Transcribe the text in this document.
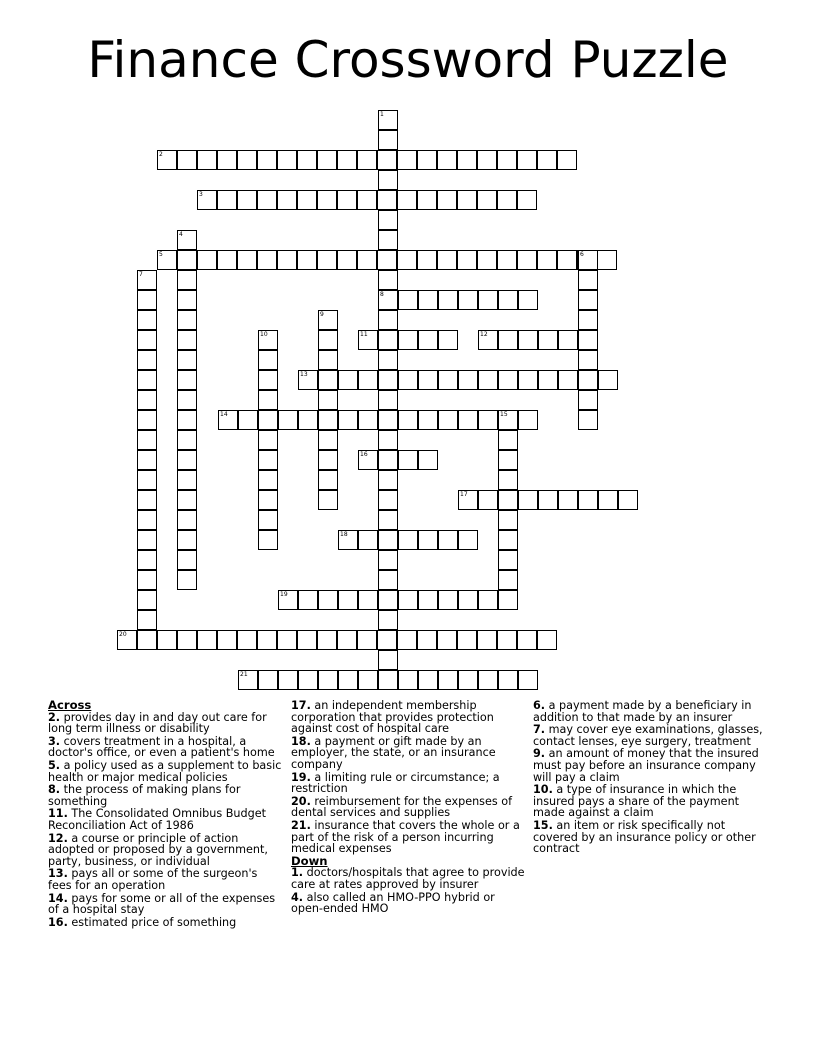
Finance Crossword Puzzle
1
8
2
3
4
5	6
7
9
10	11	12
13
14	15
16
17
18
19
20
21
Across
2. provides day in and day out care for long term illness or disability
3. covers treatment in a hospital, a doctor's office, or even a patient's home
5. a policy used as a supplement to basic health or major medical policies
8. the process of making plans for something
11. The Consolidated Omnibus Budget Reconciliation Act of 1986
12. a course or principle of action adopted or proposed by a government, party, business, or individual
13. pays all or some of the surgeon's fees for an operation
14. pays for some or all of the expenses of a hospital stay
16. estimated price of something
17. an independent membership corporation that provides protection against cost of hospital care
18. a payment or gift made by an employer, the state, or an insurance company
19. a limiting rule or circumstance; a restriction
20. reimbursement for the expenses of dental services and supplies
21. insurance that covers the whole or a part of the risk of a person incurring medical expenses
Down
1. doctors/hospitals that agree to provide care at rates approved by insurer
4. also called an HMO-PPO hybrid or open-ended HMO
6. a payment made by a beneficiary in addition to that made by an insurer
7. may cover eye examinations, glasses, contact lenses, eye surgery, treatment
9. an amount of money that the insured must pay before an insurance company will pay a claim
10. a type of insurance in which the insured pays a share of the payment made against a claim
15. an item or risk specifically not covered by an insurance policy or other contract
